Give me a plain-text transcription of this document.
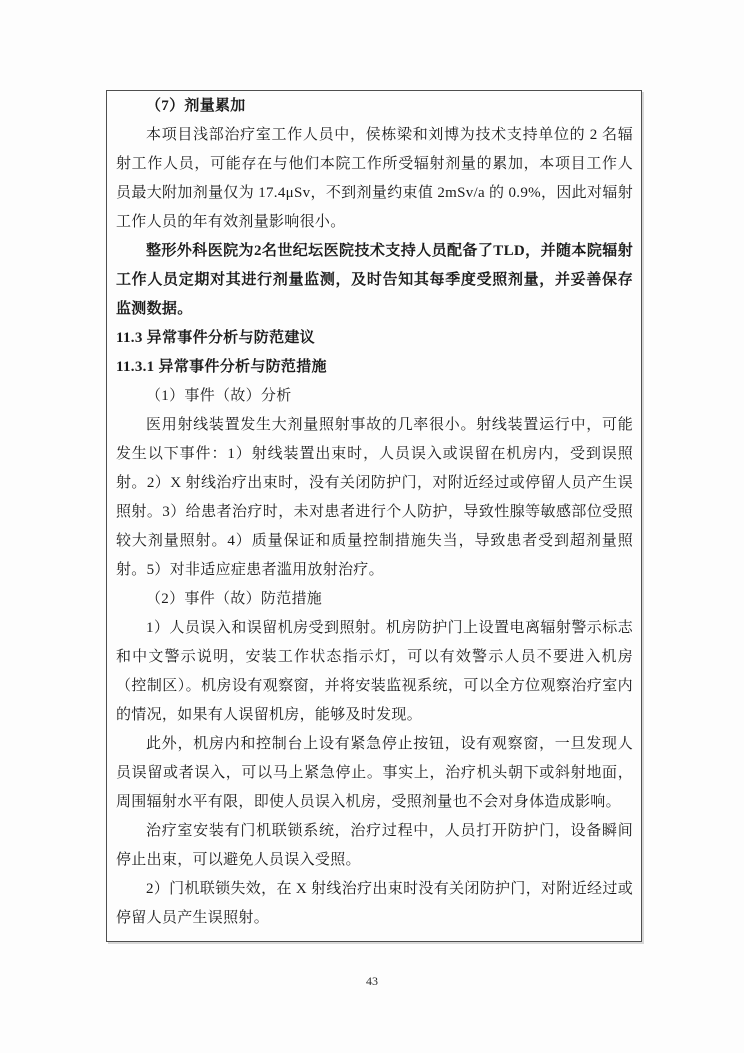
（7）剂量累加

本项目浅部治疗室工作人员中，侯栋梁和刘博为技术支持单位的 2 名辐射工作人员，可能存在与他们本院工作所受辐射剂量的累加，本项目工作人员最大附加剂量仅为 17.4μSv，不到剂量约束值 2mSv/a 的 0.9%，因此对辐射工作人员的年有效剂量影响很小。

整形外科医院为2名世纪坛医院技术支持人员配备了TLD，并随本院辐射工作人员定期对其进行剂量监测，及时告知其每季度受照剂量，并妥善保存监测数据。

11.3 异常事件分析与防范建议

11.3.1 异常事件分析与防范措施

（1）事件（故）分析

医用射线装置发生大剂量照射事故的几率很小。射线装置运行中，可能发生以下事件：1）射线装置出束时，人员误入或误留在机房内，受到误照射。2）X 射线治疗出束时，没有关闭防护门，对附近经过或停留人员产生误照射。3）给患者治疗时，未对患者进行个人防护，导致性腺等敏感部位受照较大剂量照射。4）质量保证和质量控制措施失当，导致患者受到超剂量照射。5）对非适应症患者滥用放射治疗。

（2）事件（故）防范措施

1）人员误入和误留机房受到照射。机房防护门上设置电离辐射警示标志和中文警示说明，安装工作状态指示灯，可以有效警示人员不要进入机房（控制区）。机房设有观察窗，并将安装监视系统，可以全方位观察治疗室内的情况，如果有人误留机房，能够及时发现。

此外，机房内和控制台上设有紧急停止按钮，设有观察窗，一旦发现人员误留或者误入，可以马上紧急停止。事实上，治疗机头朝下或斜射地面，周围辐射水平有限，即使人员误入机房，受照剂量也不会对身体造成影响。

治疗室安装有门机联锁系统，治疗过程中，人员打开防护门，设备瞬间停止出束，可以避免人员误入受照。

2）门机联锁失效，在 X 射线治疗出束时没有关闭防护门，对附近经过或停留人员产生误照射。

43
